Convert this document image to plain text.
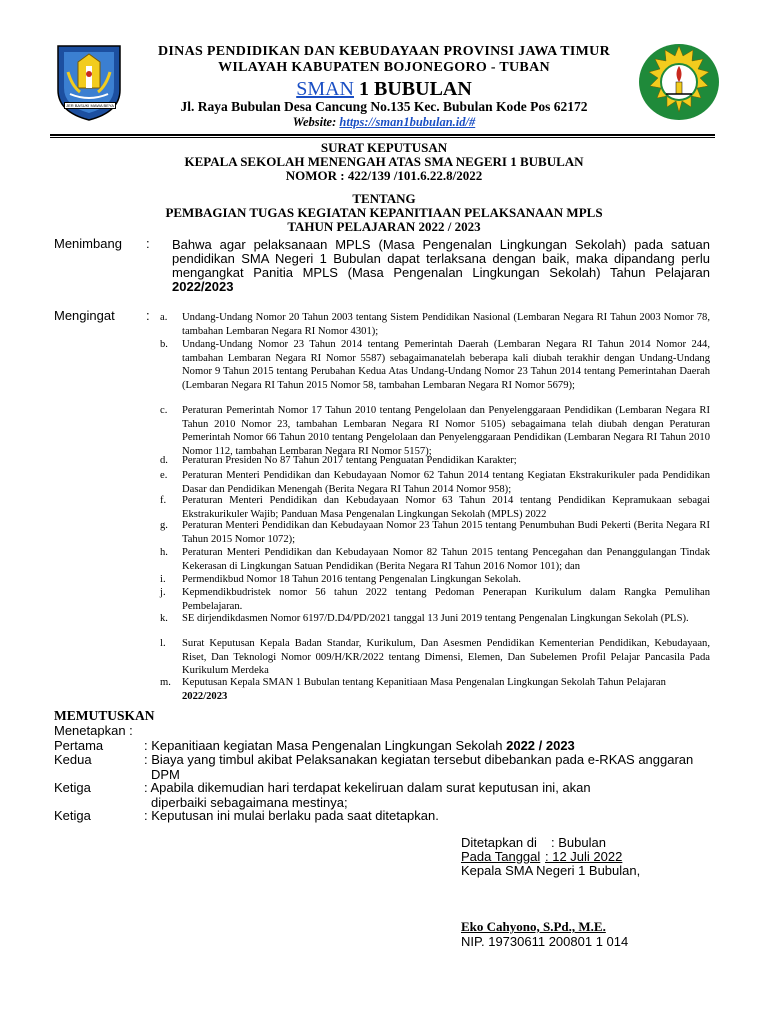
JER BASUKI MAWA BEYA
DINAS PENDIDIKAN DAN KEBUDAYAAN PROVINSI JAWA TIMUR
WILAYAH KABUPATEN BOJONEGORO - TUBAN
SMAN 1 BUBULAN
Jl. Raya Bubulan Desa Cancung No.135 Kec. Bubulan Kode Pos 62172
Website: https://sman1bubulan.id/#
SURAT KEPUTUSAN
KEPALA SEKOLAH MENENGAH ATAS SMA NEGERI 1 BUBULAN
NOMOR : 422/139 /101.6.22.8/2022
TENTANG
PEMBAGIAN TUGAS KEGIATAN KEPANITIAAN PELAKSANAAN MPLS
TAHUN PELAJARAN 2022 / 2023
Menimbang : Bahwa agar pelaksanaan MPLS (Masa Pengenalan Lingkungan Sekolah) pada satuan
pendidikan SMA Negeri 1 Bubulan dapat terlaksana dengan baik, maka dipandang perlu
mengangkat Panitia MPLS (Masa Pengenalan Lingkungan Sekolah) Tahun Pelajaran
2022/2023
Mengingat : a.	Undang-Undang Nomor 20 Tahun 2003 tentang Sistem Pendidikan Nasional (Lembaran Negara RI Tahun 2003 Nomor 78, tambahan Lembaran Negara RI Nomor 4301);
b.	Undang-Undang Nomor 23 Tahun 2014 tentang Pemerintah Daerah (Lembaran Negara RI Tahun 2014 Nomor 244, tambahan Lembaran Negara RI Nomor 5587) sebagaimanatelah beberapa kali diubah terakhir dengan Undang-Undang Nomor 9 Tahun 2015 tentang Perubahan Kedua Atas Undang-Undang Nomor 23 Tahun 2014 tentang Pemerintahan Daerah (Lembaran Negara RI Tahun 2015 Nomor 58, tambahan Lembaran Negara RI Nomor 5679);
c.	Peraturan Pemerintah Nomor 17 Tahun 2010 tentang Pengelolaan dan Penyelenggaraan Pendidikan (Lembaran Negara RI Tahun 2010 Nomor 23, tambahan Lembaran Negara RI Nomor 5105) sebagaimana telah diubah dengan Peraturan Pemerintah Nomor 66 Tahun 2010 tentang Pengelolaan dan Penyelenggaraan Pendidikan (Lembaran Negara RI Tahun 2010 Nomor 112, tambahan Lembaran Negara RI Nomor 5157);
d.	Peraturan Presiden No 87 Tahun 2017 tentang Penguatan Pendidikan Karakter;
e.	Peraturan Menteri Pendidikan dan Kebudayaan Nomor 62 Tahun 2014 tentang Kegiatan Ekstrakurikuler pada Pendidikan Dasar dan Pendidikan Menengah (Berita Negara RI Tahun 2014 Nomor 958);
f.	Peraturan Menteri Pendidikan dan Kebudayaan Nomor 63 Tahun 2014 tentang Pendidikan Kepramukaan sebagai Ekstrakurikuler Wajib; Panduan Masa Pengenalan Lingkungan Sekolah (MPLS) 2022
g.	Peraturan Menteri Pendidikan dan Kebudayaan Nomor 23 Tahun 2015 tentang Penumbuhan Budi Pekerti (Berita Negara RI Tahun 2015 Nomor 1072);
h.	Peraturan Menteri Pendidikan dan Kebudayaan Nomor 82 Tahun 2015 tentang Pencegahan dan Penanggulangan Tindak Kekerasan di Lingkungan Satuan Pendidikan (Berita Negara RI Tahun 2016 Nomor 101); dan
i.	Permendikbud Nomor 18 Tahun 2016 tentang Pengenalan Lingkungan Sekolah.
j.	Kepmendikbudristek nomor 56 tahun 2022 tentang Pedoman Penerapan Kurikulum dalam Rangka Pemulihan Pembelajaran.
k.	SE dirjendikdasmen Nomor 6197/D.D4/PD/2021 tanggal 13 Juni 2019 tentang Pengenalan Lingkungan Sekolah (PLS).
l.	Surat Keputusan Kepala Badan Standar, Kurikulum, Dan Asesmen Pendidikan Kementerian Pendidikan, Kebudayaan, Riset, Dan Teknologi Nomor 009/H/KR/2022 tentang Dimensi, Elemen, Dan Subelemen Profil Pelajar Pancasila Pada Kurikulum Merdeka
m.	Keputusan Kepala SMAN 1 Bubulan tentang Kepanitiaan Masa Pengenalan Lingkungan Sekolah Tahun Pelajaran
2022/2023
MEMUTUSKAN
Menetapkan :
Pertama	: Kepanitiaan kegiatan Masa Pengenalan Lingkungan Sekolah 2022 / 2023
Kedua	: Biaya yang timbul akibat Pelaksanakan kegiatan tersebut dibebankan pada e-RKAS anggaran
DPM
Ketiga	: Apabila dikemudian hari terdapat kekeliruan dalam surat keputusan ini, akan
diperbaiki sebagaimana mestinya;
Ketiga	: Keputusan ini mulai berlaku pada saat ditetapkan.
Ditetapkan di : Bubulan
Pada Tanggal : 12 Juli 2022
Kepala SMA Negeri 1 Bubulan,
Eko Cahyono, S.Pd., M.E.
NIP. 19730611 200801 1 014
